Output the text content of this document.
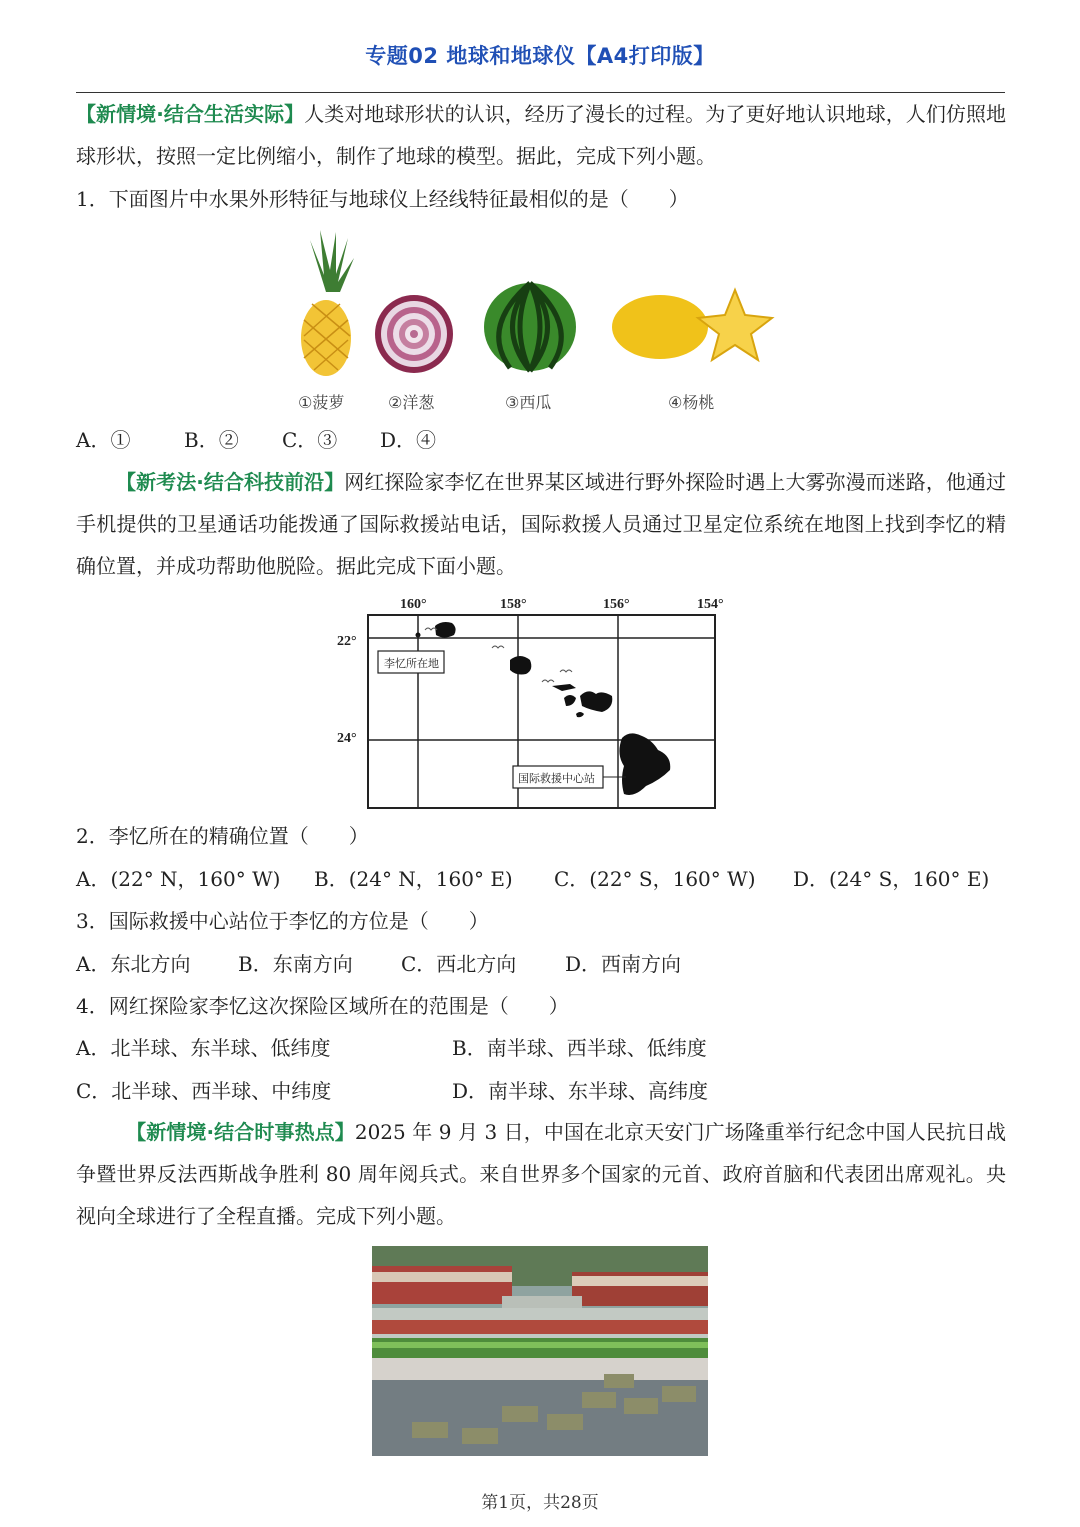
专题02 地球和地球仪【A4打印版】
【新情境·结合生活实际】人类对地球形状的认识，经历了漫长的过程。为了更好地认识地球，人们仿照地球形状，按照一定比例缩小，制作了地球的模型。据此，完成下列小题。
1．下面图片中水果外形特征与地球仪上经线特征最相似的是（　　）
①菠萝	②洋葱	③西瓜	④杨桃
A．①	B．② C．③ D．④
【新考法·结合科技前沿】网红探险家李忆在世界某区域进行野外探险时遇上大雾弥漫而迷路，他通过手机提供的卫星通话功能拨通了国际救援站电话，国际救援人员通过卫星定位系统在地图上找到李忆的精确位置，并成功帮助他脱险。据此完成下面小题。
160°	158°	156°	154°
22°
24°
李忆所在地
国际救援中心站
2．李忆所在的精确位置（　　）
A．(22° N，160° W) B．(24° N，160° E) C．(22° S，160° W) D．(24° S，160° E)
3．国际救援中心站位于李忆的方位是（　　）
A．东北方向 B．东南方向 C．西北方向 D．西南方向
4．网红探险家李忆这次探险区域所在的范围是（　　）
A．北半球、东半球、低纬度	B．南半球、西半球、低纬度
C．北半球、西半球、中纬度	D．南半球、东半球、高纬度
【新情境·结合时事热点】2025 年 9 月 3 日，中国在北京天安门广场隆重举行纪念中国人民抗日战争暨世界反法西斯战争胜利 80 周年阅兵式。来自世界多个国家的元首、政府首脑和代表团出席观礼。央视向全球进行了全程直播。完成下列小题。
第1页，共28页
